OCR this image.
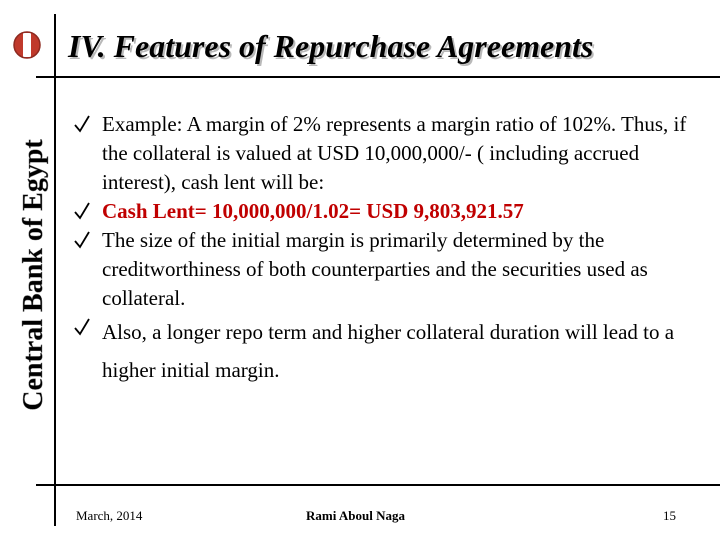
Central Bank of Egypt
IV. Features of Repurchase Agreements
Example: A margin of 2% represents a margin ratio of 102%. Thus, if the collateral is valued at USD 10,000,000/- ( including accrued interest), cash lent will be:
Cash Lent= 10,000,000/1.02= USD 9,803,921.57
The size of the initial margin is primarily determined by the creditworthiness of both counterparties and the securities used as collateral.
Also, a longer repo term and higher collateral duration will lead to a higher initial margin.
March, 2014	Rami Aboul Naga	15
